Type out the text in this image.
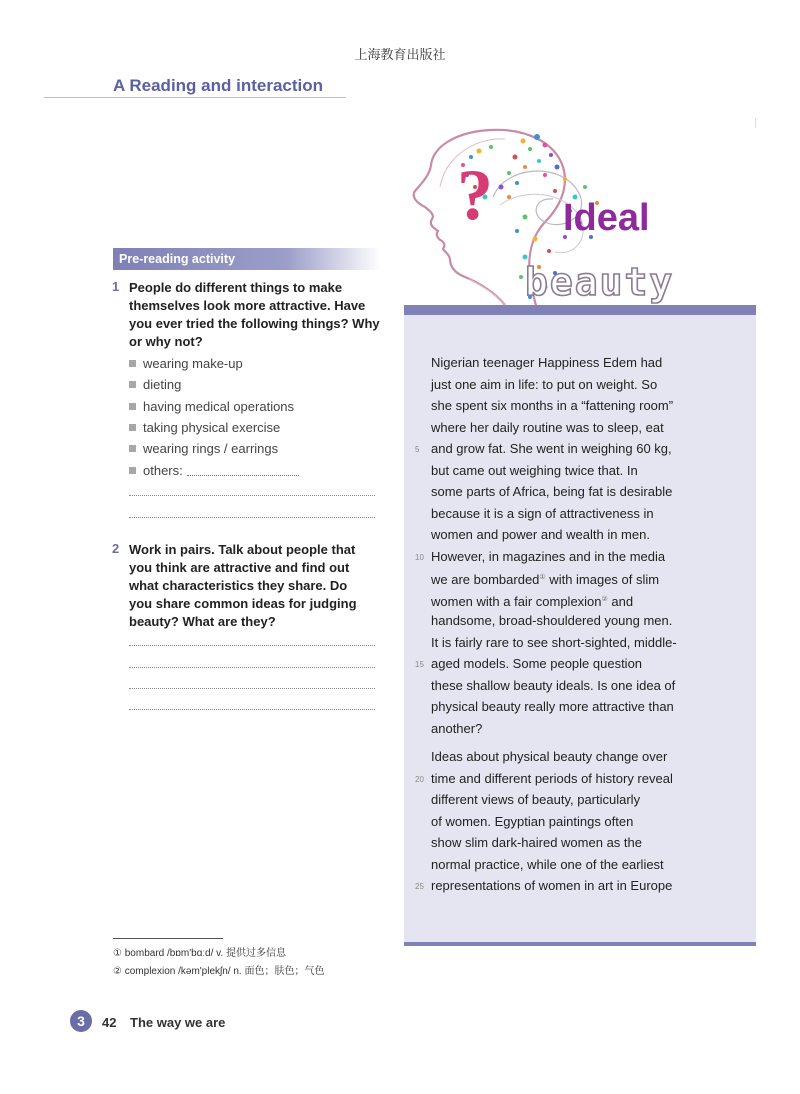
上海教育出版社
A Reading and interaction
? Ideal
beauty
Pre-reading activity
1 People do different things to make themselves look more attractive. Have you ever tried the following things? Why or why not?
wearing make-up
dieting
having medical operations
taking physical exercise
wearing rings / earrings
others:
2 Work in pairs. Talk about people that you think are attractive and find out what characteristics they share. Do you share common ideas for judging beauty? What are they?
Nigerian teenager Happiness Edem had
just one aim in life: to put on weight. So
she spent six months in a “fattening room”
where her daily routine was to sleep, eat
and grow fat. She went in weighing 60 kg,
5
but came out weighing twice that. In
some parts of Africa, being fat is desirable
because it is a sign of attractiveness in
women and power and wealth in men.
However, in magazines and in the media
10
we are bombarded① with images of slim
women with a fair complexion② and
handsome, broad-shouldered young men.
It is fairly rare to see short-sighted, middle-
aged models. Some people question
15
these shallow beauty ideals. Is one idea of
physical beauty really more attractive than
another?
Ideas about physical beauty change over
time and different periods of history reveal
20
different views of beauty, particularly
of women. Egyptian paintings often
show slim dark-haired women as the
normal practice, while one of the earliest
representations of women in art in Europe
25
① bombard /bɒm'bɑːd/ v. 提供过多信息
② complexion /kəm'plekʃn/ n. 面色；肤色；气色
3	42 The way we are
